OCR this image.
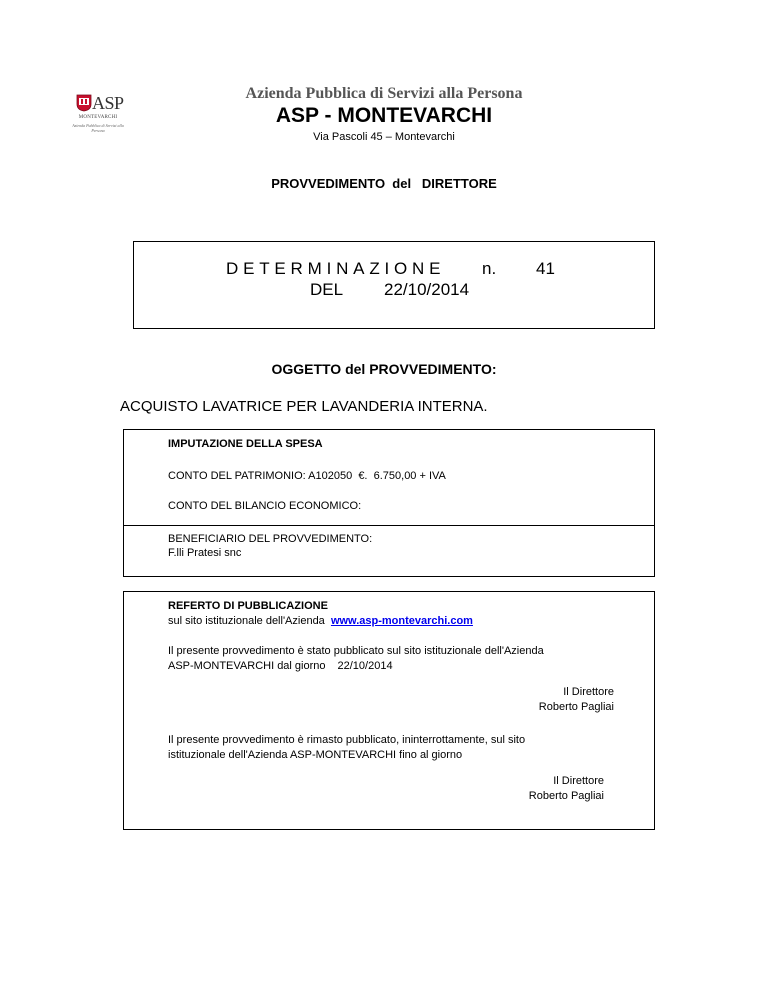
ASP
MONTEVARCHI
Azienda Pubblica di Servizi alla Persona
Azienda Pubblica di Servizi alla Persona
ASP - MONTEVARCHI
Via Pascoli 45 – Montevarchi
PROVVEDIMENTO  del   DIRETTORE
DETERMINAZIONE n. 41
DEL 22/10/2014
OGGETTO del PROVVEDIMENTO:
ACQUISTO LAVATRICE PER LAVANDERIA INTERNA.
IMPUTAZIONE DELLA SPESA
CONTO DEL PATRIMONIO: A102050  €.  6.750,00 + IVA
CONTO DEL BILANCIO ECONOMICO:
BENEFICIARIO DEL PROVVEDIMENTO:
F.lli Pratesi snc
REFERTO DI PUBBLICAZIONE
sul sito istituzionale dell'Azienda www.asp-montevarchi.com
Il presente provvedimento è stato pubblicato sul sito istituzionale dell'Azienda
ASP-MONTEVARCHI dal giorno 22/10/2014
Il Direttore
Roberto Pagliai
Il presente provvedimento è rimasto pubblicato, ininterrottamente, sul sito
istituzionale dell'Azienda ASP-MONTEVARCHI fino al giorno
Il Direttore
Roberto Pagliai
